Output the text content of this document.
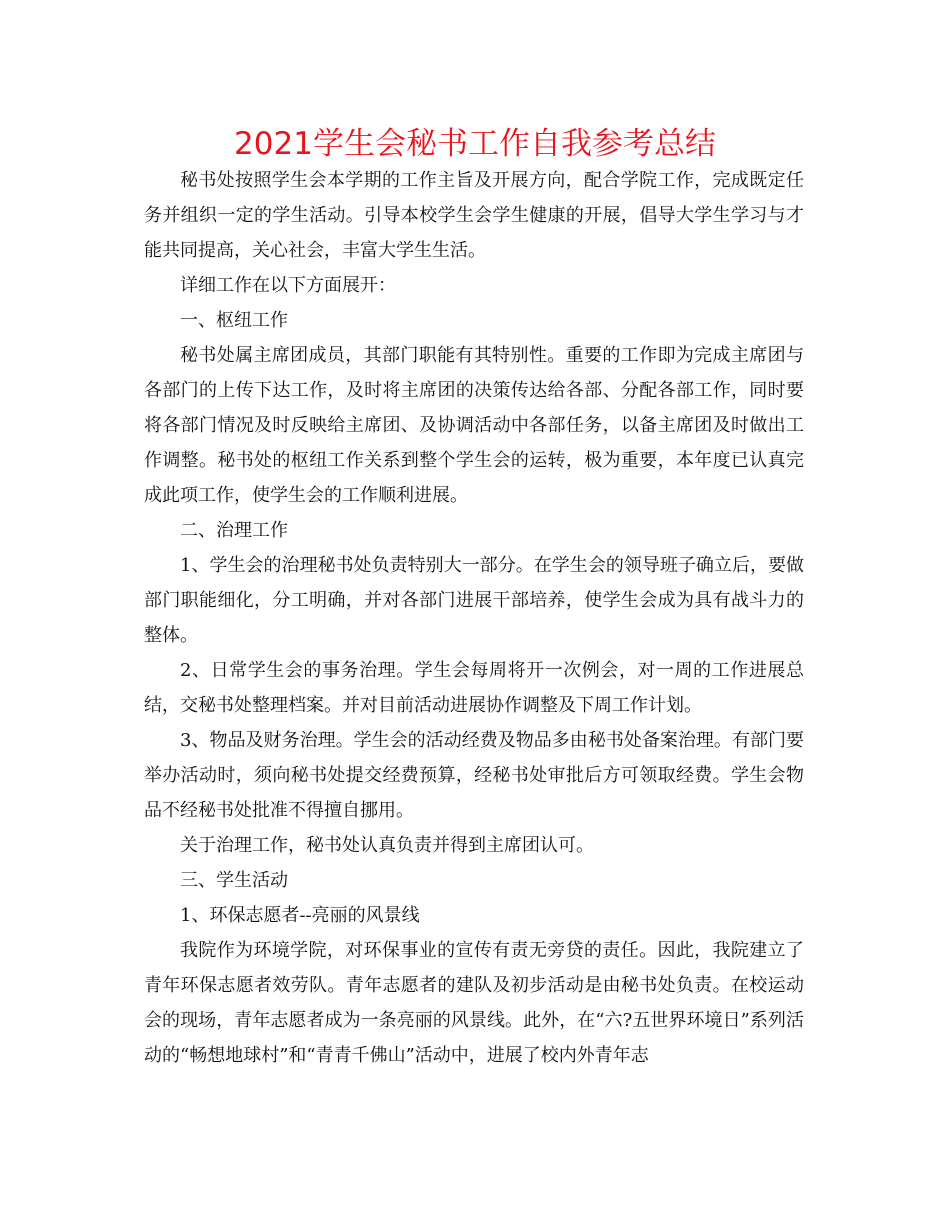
2021学生会秘书工作自我参考总结

秘书处按照学生会本学期的工作主旨及开展方向，配合学院工作，完成既定任务并组织一定的学生活动。引导本校学生会学生健康的开展，倡导大学生学习与才能共同提高，关心社会，丰富大学生生活。

详细工作在以下方面展开：

一、枢纽工作

秘书处属主席团成员，其部门职能有其特别性。重要的工作即为完成主席团与各部门的上传下达工作，及时将主席团的决策传达给各部、分配各部工作，同时要将各部门情况及时反映给主席团、及协调活动中各部任务，以备主席团及时做出工作调整。秘书处的枢纽工作关系到整个学生会的运转，极为重要，本年度已认真完成此项工作，使学生会的工作顺利进展。

二、治理工作

1、学生会的治理秘书处负责特别大一部分。在学生会的领导班子确立后，要做部门职能细化，分工明确，并对各部门进展干部培养，使学生会成为具有战斗力的整体。

2、日常学生会的事务治理。学生会每周将开一次例会，对一周的工作进展总结，交秘书处整理档案。并对目前活动进展协作调整及下周工作计划。

3、物品及财务治理。学生会的活动经费及物品多由秘书处备案治理。有部门要举办活动时，须向秘书处提交经费预算，经秘书处审批后方可领取经费。学生会物品不经秘书处批准不得擅自挪用。

关于治理工作，秘书处认真负责并得到主席团认可。

三、学生活动

1、环保志愿者--亮丽的风景线

我院作为环境学院，对环保事业的宣传有责无旁贷的责任。因此，我院建立了青年环保志愿者效劳队。青年志愿者的建队及初步活动是由秘书处负责。在校运动会的现场，青年志愿者成为一条亮丽的风景线。此外，在“六?五世界环境日”系列活动的“畅想地球村”和“青青千佛山”活动中，进展了校内外青年志
